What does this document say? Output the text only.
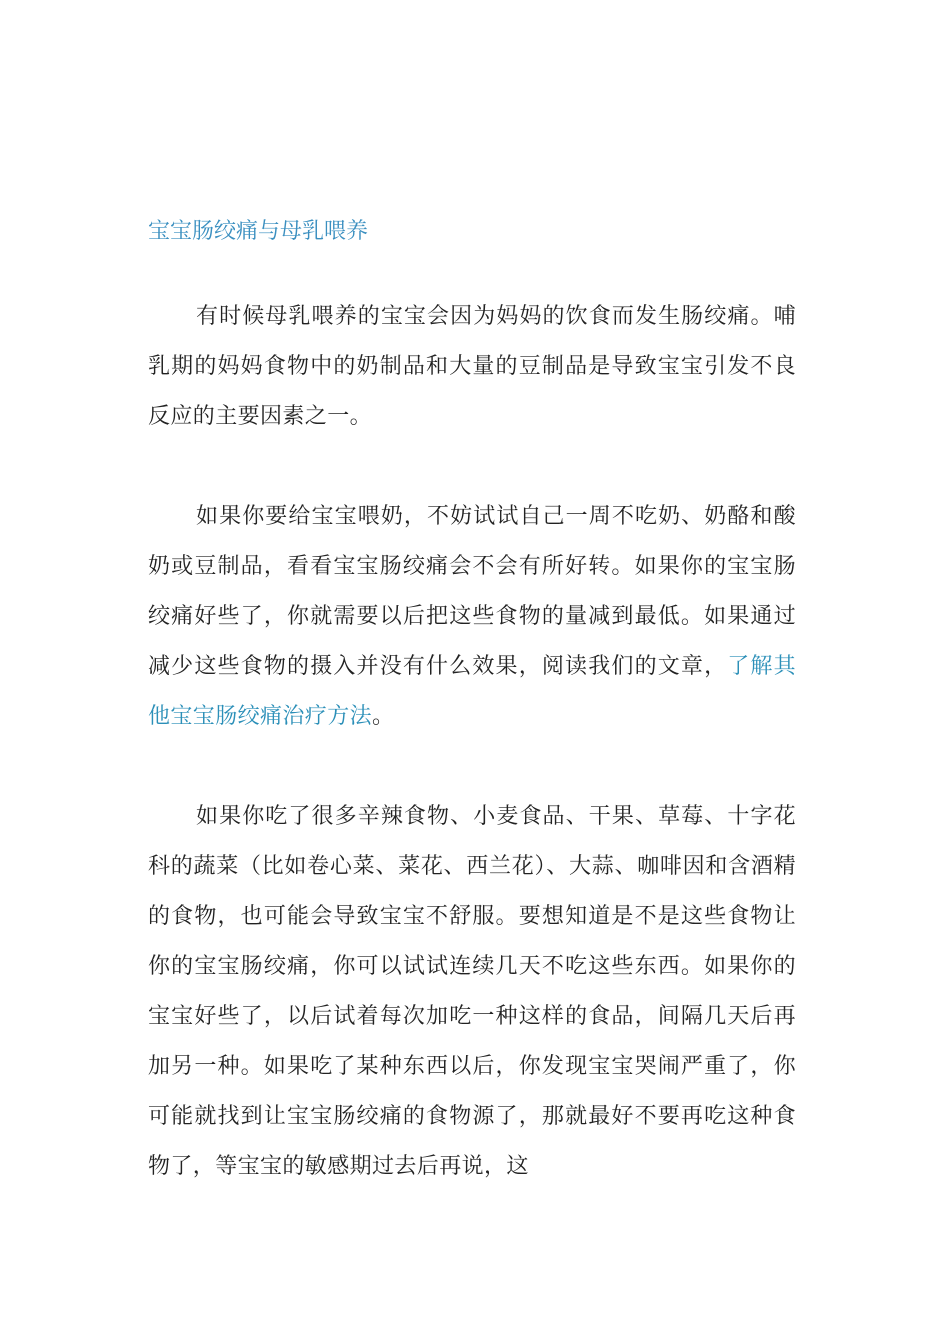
宝宝肠绞痛与母乳喂养

有时候母乳喂养的宝宝会因为妈妈的饮食而发生肠绞痛。哺乳期的妈妈食物中的奶制品和大量的豆制品是导致宝宝引发不良反应的主要因素之一。

如果你要给宝宝喂奶，不妨试试自己一周不吃奶、奶酪和酸奶或豆制品，看看宝宝肠绞痛会不会有所好转。如果你的宝宝肠绞痛好些了，你就需要以后把这些食物的量减到最低。如果通过减少这些食物的摄入并没有什么效果，阅读我们的文章，了解其他宝宝肠绞痛治疗方法。

如果你吃了很多辛辣食物、小麦食品、干果、草莓、十字花科的蔬菜（比如卷心菜、菜花、西兰花）、大蒜、咖啡因和含酒精的食物，也可能会导致宝宝不舒服。要想知道是不是这些食物让你的宝宝肠绞痛，你可以试试连续几天不吃这些东西。如果你的宝宝好些了，以后试着每次加吃一种这样的食品，间隔几天后再加另一种。如果吃了某种东西以后，你发现宝宝哭闹严重了，你可能就找到让宝宝肠绞痛的食物源了，那就最好不要再吃这种食物了，等宝宝的敏感期过去后再说，这
